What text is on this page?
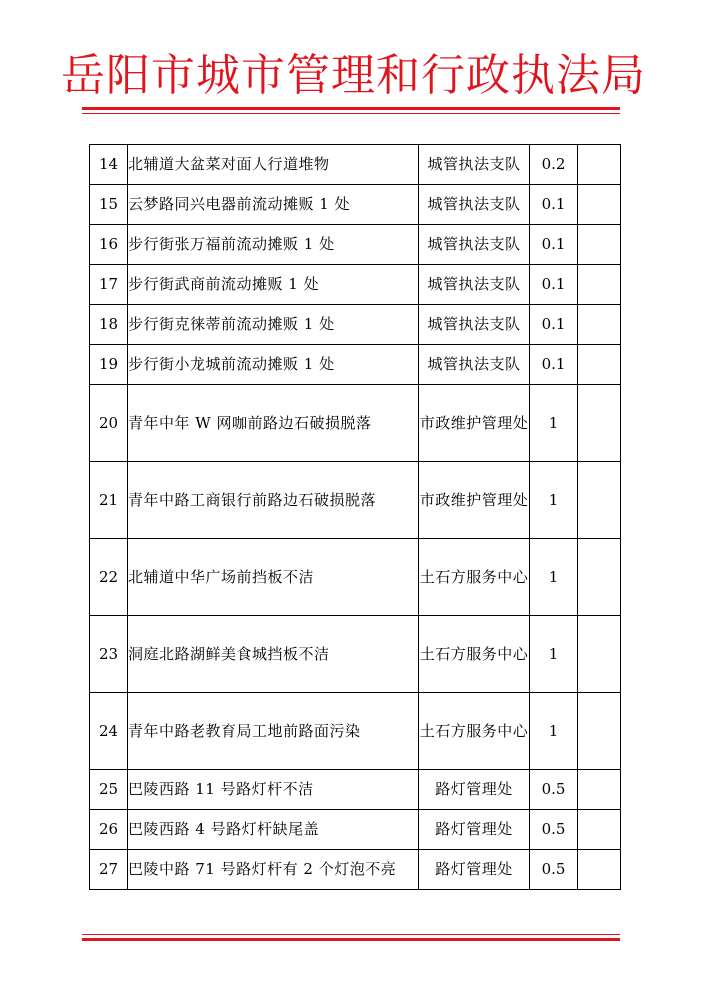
岳阳市城市管理和行政执法局
14	北辅道大盆菜对面人行道堆物	城管执法支队	0.2	
15	云梦路同兴电器前流动摊贩 1 处	城管执法支队	0.1	
16	步行街张万福前流动摊贩 1 处	城管执法支队	0.1	
17	步行街武商前流动摊贩 1 处	城管执法支队	0.1	
18	步行街克徕蒂前流动摊贩 1 处	城管执法支队	0.1	
19	步行街小龙城前流动摊贩 1 处	城管执法支队	0.1	
20	青年中年 W 网咖前路边石破损脱落	市政维护管理处	1	
21	青年中路工商银行前路边石破损脱落	市政维护管理处	1	
22	北辅道中华广场前挡板不洁	土石方服务中心	1	
23	洞庭北路湖鲜美食城挡板不洁	土石方服务中心	1	
24	青年中路老教育局工地前路面污染	土石方服务中心	1	
25	巴陵西路 11 号路灯杆不洁	路灯管理处	0.5	
26	巴陵西路 4 号路灯杆缺尾盖	路灯管理处	0.5	
27	巴陵中路 71 号路灯杆有 2 个灯泡不亮	路灯管理处	0.5	
